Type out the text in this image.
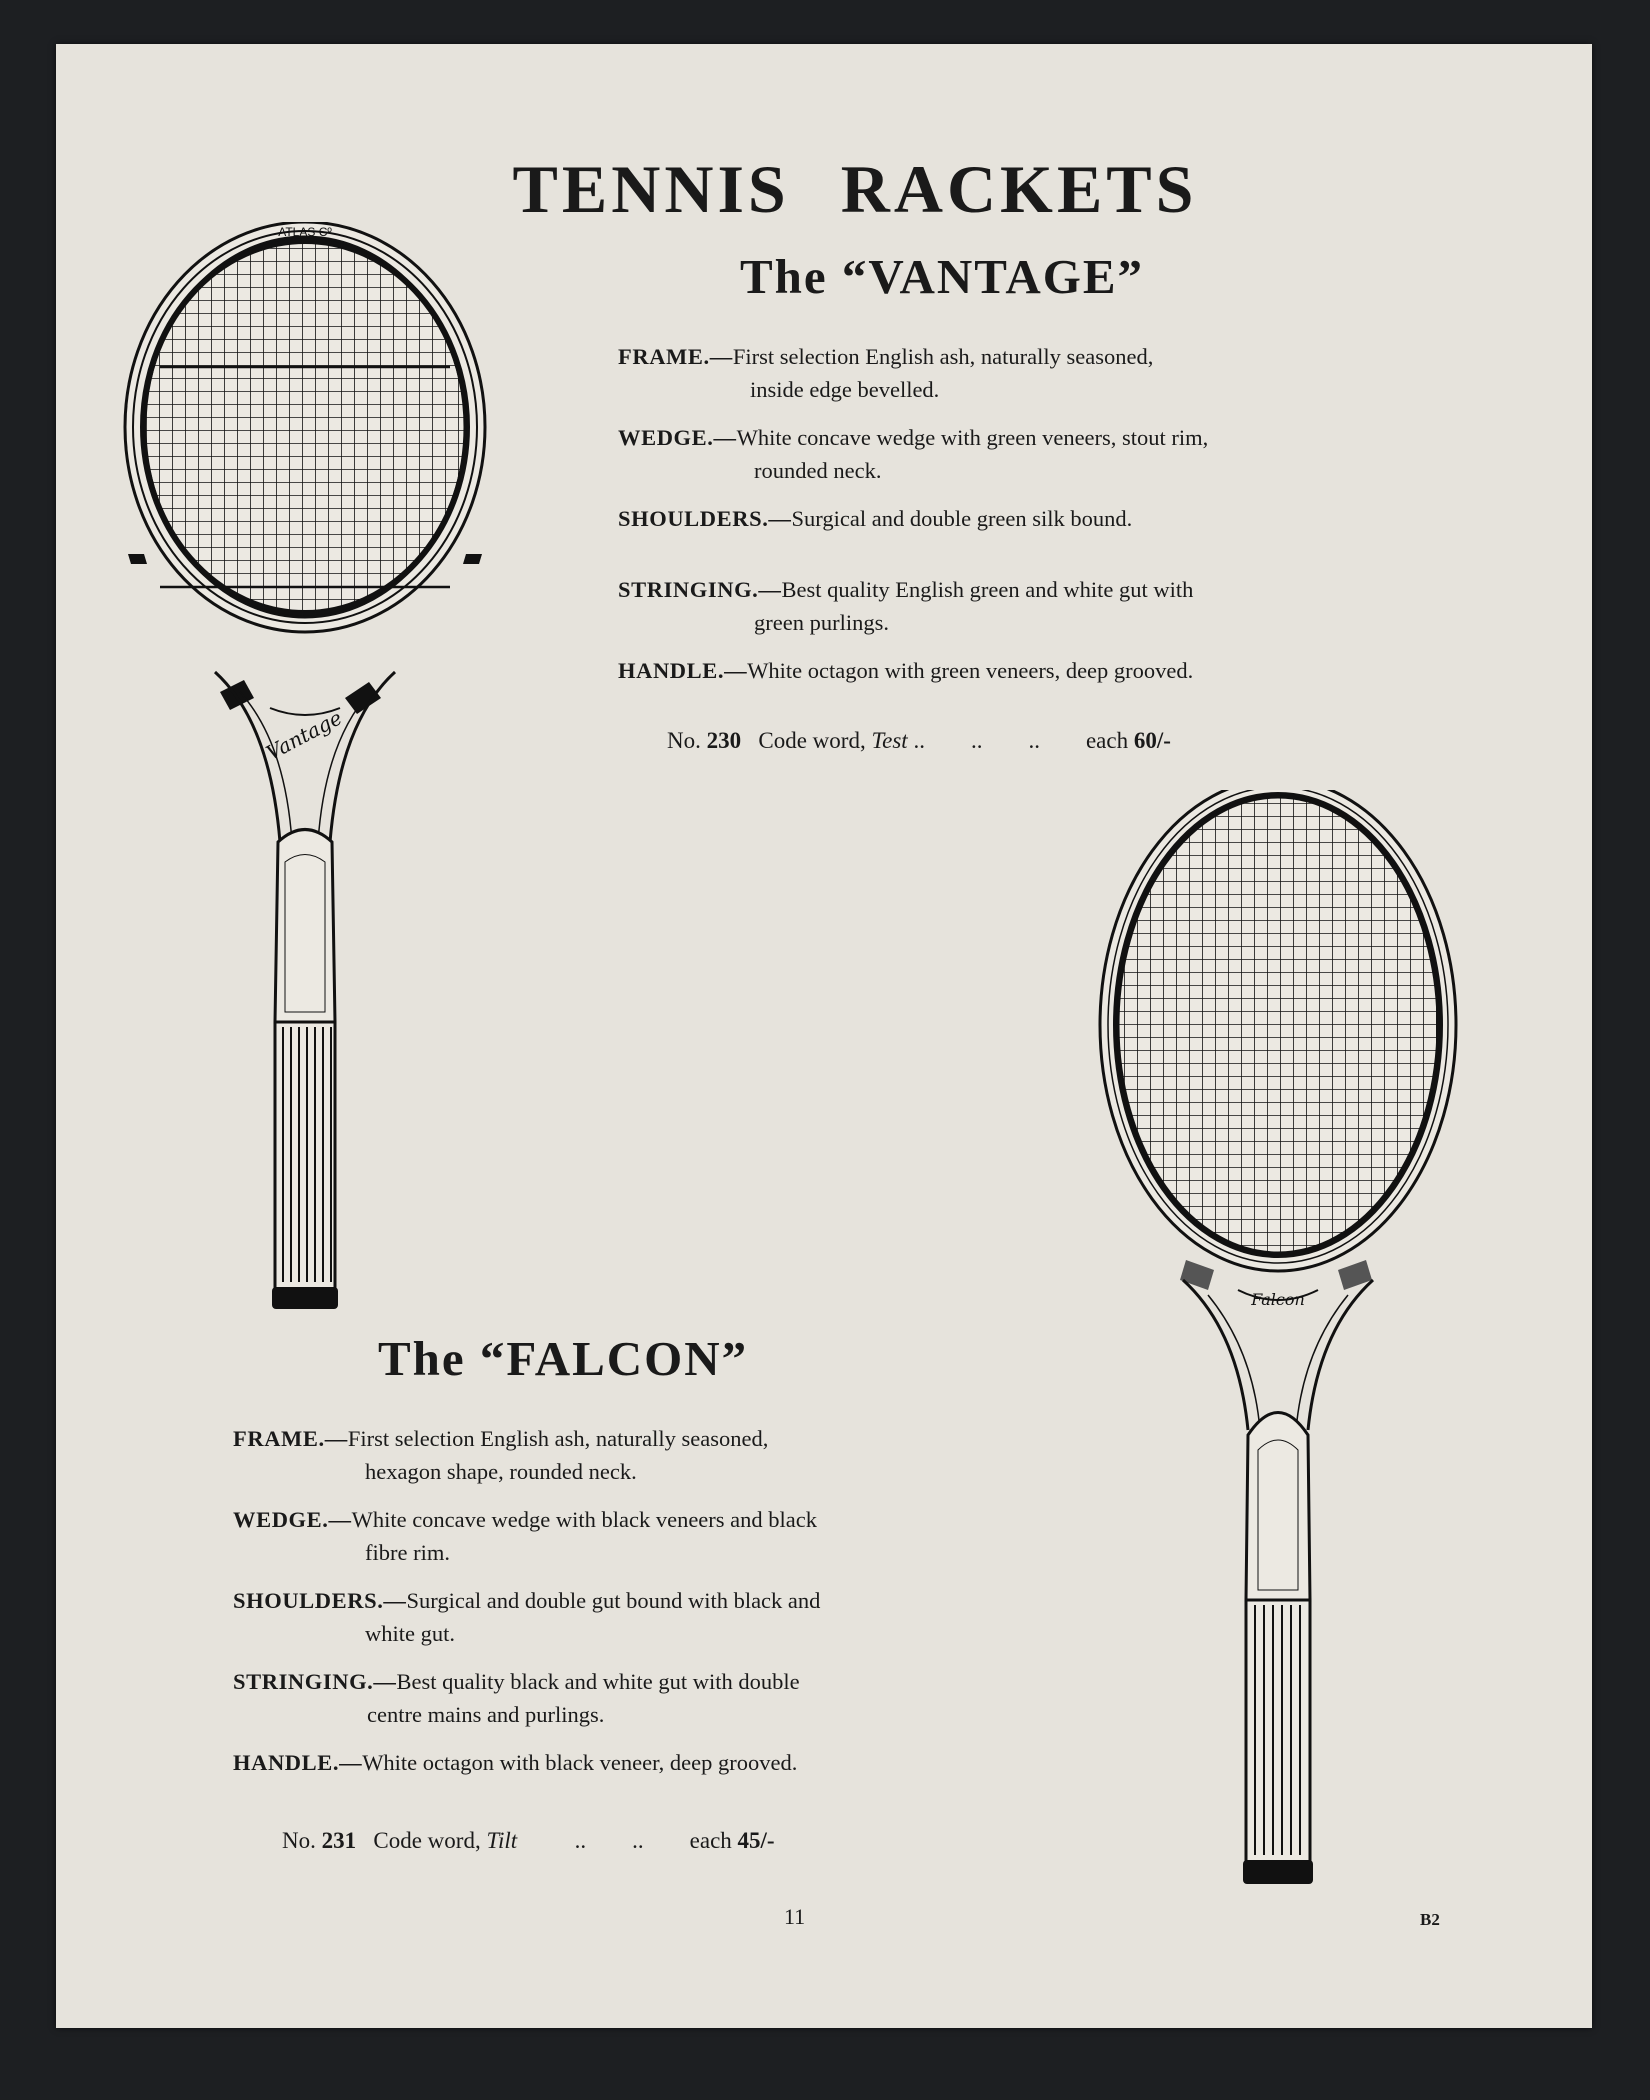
TENNIS RACKETS
Vantage
ATLAS Cº
Falcon
The “VANTAGE”
FRAME.— First selection English ash, naturally seasoned,
inside edge bevelled.
WEDGE.— White concave wedge with green veneers, stout rim,
rounded neck.
SHOULDERS.— Surgical and double green silk bound.
STRINGING.— Best quality English green and white gut with
green purlings.
HANDLE.— White octagon with green veneers, deep grooved.
No. 230 Code word, Test ..        ..        .. each 60/-
The “FALCON”
FRAME.— First selection English ash, naturally seasoned,
hexagon shape, rounded neck.
WEDGE.— White concave wedge with black veneers and black
fibre rim.
SHOULDERS.— Surgical and double gut bound with black and
white gut.
STRINGING.— Best quality black and white gut with double
centre mains and purlings.
HANDLE.— White octagon with black veneer, deep grooved.
No. 231 Code word, Tilt	..        .. each 45/-
11	B2
